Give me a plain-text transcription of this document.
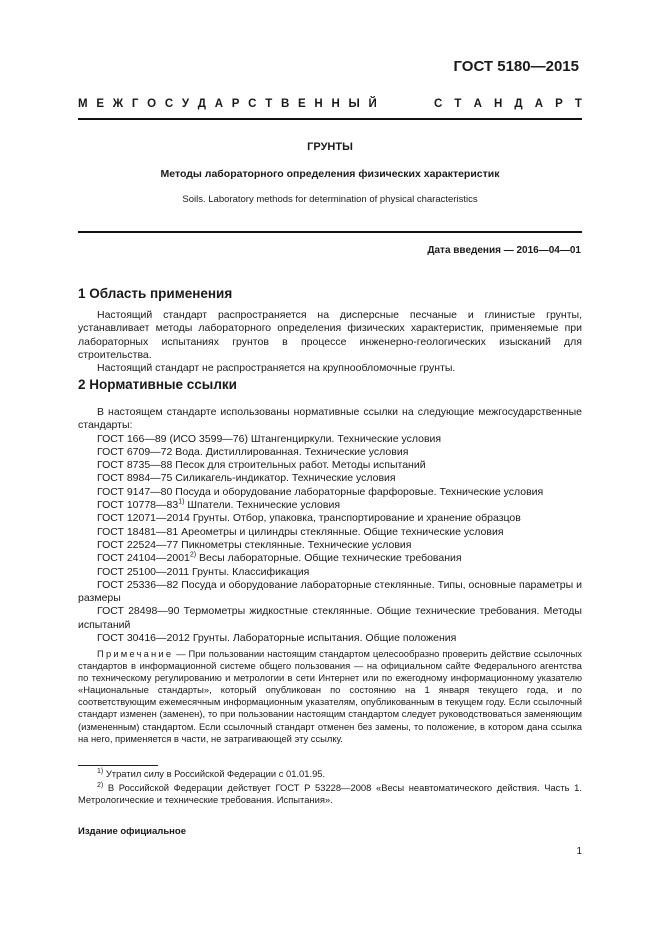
ГОСТ 5180—2015
М Е Ж Г О С У Д А Р С Т В Е Н Н Ы Й	С Т А Н Д А Р Т
ГРУНТЫ
Методы лабораторного определения физических характеристик
Soils. Laboratory methods for determination of physical characteristics
Дата введения — 2016—04—01
1 Область применения

Настоящий стандарт распространяется на дисперсные песчаные и глинистые грунты, устанавливает методы лабораторного определения физических характеристик, применяемые при лабораторных испытаниях грунтов в процессе инженерно-геологических изысканий для строительства.

Настоящий стандарт не распространяется на крупнообломочные грунты.

2 Нормативные ссылки

В настоящем стандарте использованы нормативные ссылки на следующие межгосударственные стандарты:

ГОСТ 166—89 (ИСО 3599—76) Штангенциркули. Технические условия
ГОСТ 6709—72 Вода. Дистиллированная. Технические условия
ГОСТ 8735—88 Песок для строительных работ. Методы испытаний
ГОСТ 8984—75 Силикагель-индикатор. Технические условия
ГОСТ 9147—80 Посуда и оборудование лабораторные фарфоровые. Технические условия
ГОСТ 10778—83$^{1)}$ Шпатели. Технические условия
ГОСТ 12071—2014 Грунты. Отбор, упаковка, транспортирование и хранение образцов
ГОСТ 18481—81 Ареометры и цилиндры стеклянные. Общие технические условия
ГОСТ 22524—77 Пикнометры стеклянные. Технические условия
ГОСТ 24104—2001$^{2)}$ Весы лабораторные. Общие технические требования
ГОСТ 25100—2011 Грунты. Классификация
ГОСТ 25336—82 Посуда и оборудование лабораторные стеклянные. Типы, основные параметры и размеры
ГОСТ 28498—90 Термометры жидкостные стеклянные. Общие технические требования. Методы испытаний
ГОСТ 30416—2012 Грунты. Лабораторные испытания. Общие положения
Примечание — При пользовании настоящим стандартом целесообразно проверить действие ссылочных стандартов в информационной системе общего пользования — на официальном сайте Федерального агентства по техническому регулированию и метрологии в сети Интернет или по ежегодному информационному указателю «Национальные стандарты», который опубликован по состоянию на 1 января текущего года, и по соответствующим ежемесячным информационным указателям, опубликованным в текущем году. Если ссылочный стандарт изменен (заменен), то при пользовании настоящим стандартом следует руководствоваться заменяющим (измененным) стандартом. Если ссылочный стандарт отменен без замены, то положение, в котором дана ссылка на него, применяется в части, не затрагивающей эту ссылку.

$^{1)}$ Утратил силу в Российской Федерации с 01.01.95.

$^{2)}$ В Российской Федерации действует ГОСТ Р 53228—2008 «Весы неавтоматического действия. Часть 1. Метрологические и технические требования. Испытания».

Издание официальное
1
